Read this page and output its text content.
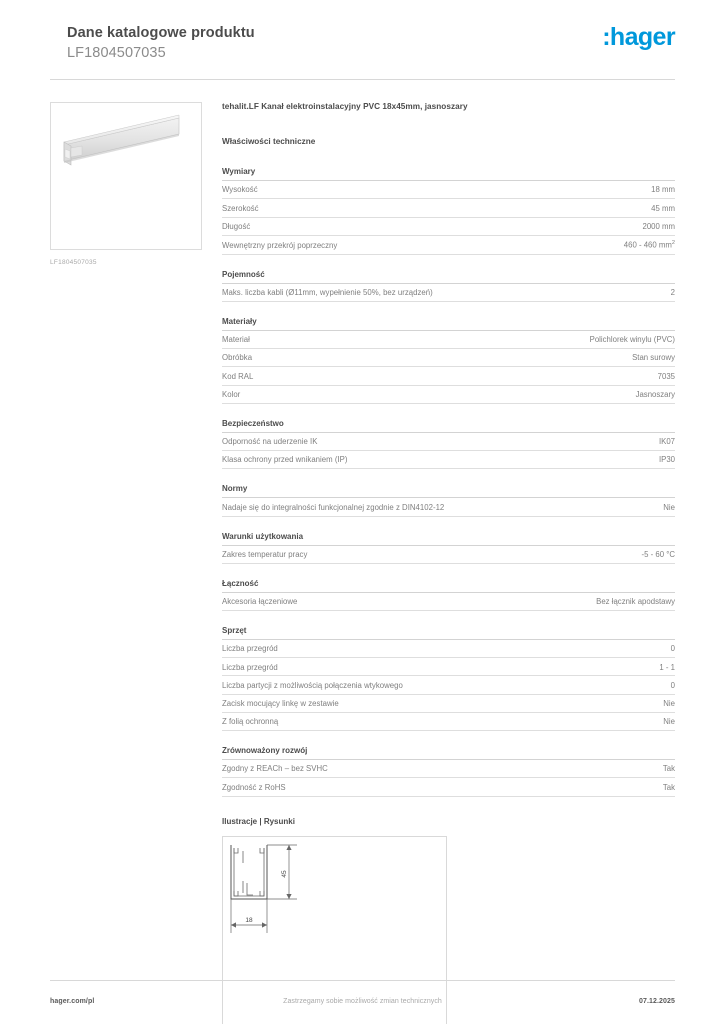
Dane katalogowe produktu
LF1804507035
:hager
LF1804507035
tehalit.LF Kanał elektroinstalacyjny PVC 18x45mm, jasnoszary
Właściwości techniczne
Wymiary
Wysokość	18 mm
Szerokość	45 mm
Długość	2000 mm
Wewnętrzny przekrój poprzeczny	460 - 460 $mm^2$
Pojemność
Maks. liczba kabli (Ø11mm, wypełnienie 50%, bez urządzeń)	2
Materiały
Materiał	Polichlorek winylu (PVC)
Obróbka	Stan surowy
Kod RAL	7035
Kolor	Jasnoszary
Bezpieczeństwo
Odporność na uderzenie IK	IK07
Klasa ochrony przed wnikaniem (IP)	IP30
Normy
Nadaje się do integralności funkcjonalnej zgodnie z DIN4102-12	Nie
Warunki użytkowania
Zakres temperatur pracy	-5 - 60 °C
Łączność
Akcesoria łączeniowe	Bez łącznik apodstawy
Sprzęt
Liczba przegród	0
Liczba przegród	1 - 1
Liczba partycji z możliwością połączenia wtykowego	0
Zacisk mocujący linkę w zestawie	Nie
Z folią ochronną	Nie
Zrównoważony rozwój
Zgodny z REACh – bez SVHC	Tak
Zgodność z RoHS	Tak
Ilustracje | Rysunki
45
18
hager.com/pl	Zastrzegamy sobie możliwość zmian technicznych	07.12.2025
